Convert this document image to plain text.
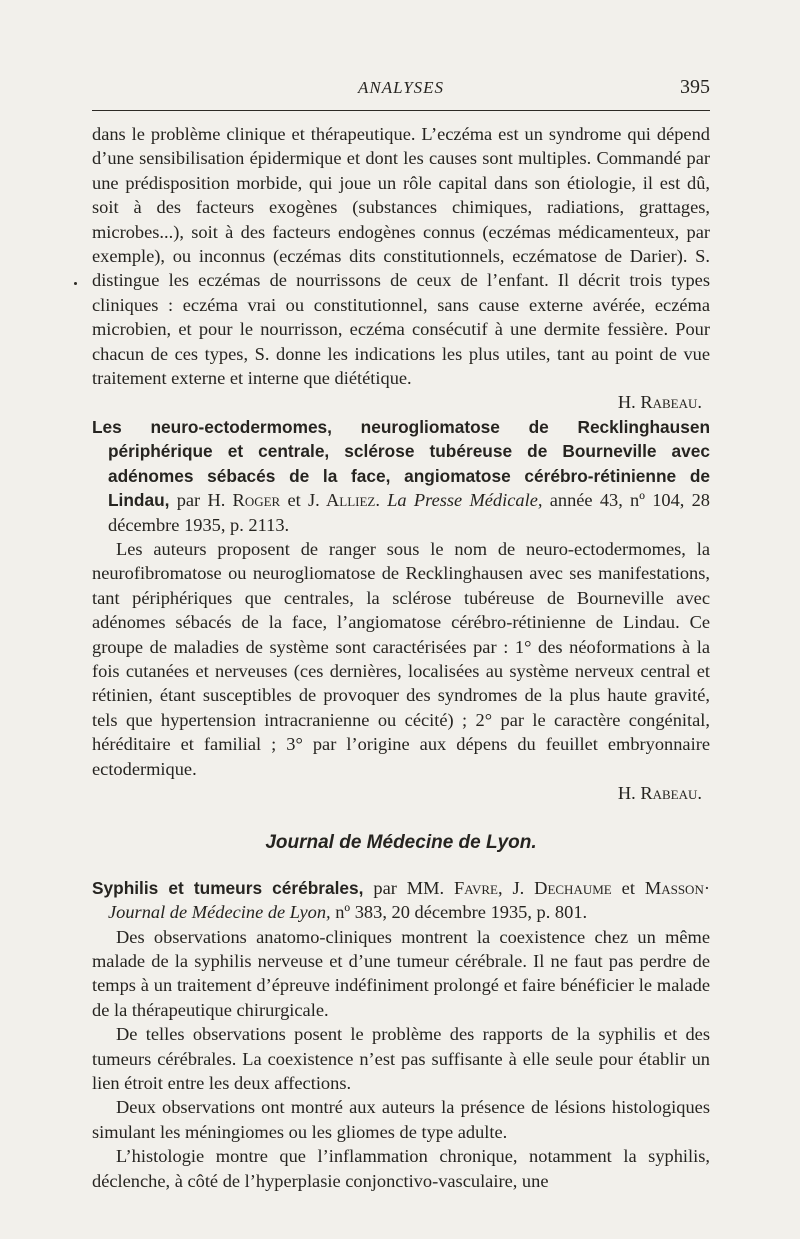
ANALYSES	395

dans le problème clinique et thérapeutique. L’eczéma est un syndrome qui dépend d’une sensibilisation épidermique et dont les causes sont multiples. Commandé par une prédisposition morbide, qui joue un rôle capital dans son étiologie, il est dû, soit à des facteurs exogènes (substances chimiques, radiations, grattages, microbes...), soit à des facteurs endogènes connus (eczémas médicamenteux, par exemple), ou inconnus (eczémas dits constitutionnels, eczématose de Darier). S. distingue les eczémas de nourrissons de ceux de l’enfant. Il décrit trois types cliniques : eczéma vrai ou constitutionnel, sans cause externe avérée, eczéma microbien, et pour le nourrisson, eczéma consécutif à une dermite fessière. Pour chacun de ces types, S. donne les indications les plus utiles, tant au point de vue traitement externe et interne que diététique.

H. Rabeau.

Les neuro-ectodermomes, neurogliomatose de Recklinghausen périphérique et centrale, sclérose tubéreuse de Bourneville avec adénomes sébacés de la face, angiomatose cérébro-rétinienne de Lindau, par H. Roger et J. Alliez. La Presse Médicale, année 43, nº 104, 28 décembre 1935, p. 2113.

Les auteurs proposent de ranger sous le nom de neuro-ectodermomes, la neurofibromatose ou neurogliomatose de Recklinghausen avec ses manifestations, tant périphériques que centrales, la sclérose tubéreuse de Bourneville avec adénomes sébacés de la face, l’angiomatose cérébro-rétinienne de Lindau. Ce groupe de maladies de système sont caractérisées par : 1° des néoformations à la fois cutanées et nerveuses (ces dernières, localisées au système nerveux central et rétinien, étant susceptibles de provoquer des syndromes de la plus haute gravité, tels que hypertension intracranienne ou cécité) ; 2° par le caractère congénital, héréditaire et familial ; 3° par l’origine aux dépens du feuillet embryonnaire ectodermique.

H. Rabeau.

Journal de Médecine de Lyon.

Syphilis et tumeurs cérébrales, par MM. Favre, J. Dechaume et Masson· Journal de Médecine de Lyon, nº 383, 20 décembre 1935, p. 801.

Des observations anatomo-cliniques montrent la coexistence chez un même malade de la syphilis nerveuse et d’une tumeur cérébrale. Il ne faut pas perdre de temps à un traitement d’épreuve indéfiniment prolongé et faire bénéficier le malade de la thérapeutique chirurgicale.

De telles observations posent le problème des rapports de la syphilis et des tumeurs cérébrales. La coexistence n’est pas suffisante à elle seule pour établir un lien étroit entre les deux affections.

Deux observations ont montré aux auteurs la présence de lésions histologiques simulant les méningiomes ou les gliomes de type adulte.

L’histologie montre que l’inflammation chronique, notamment la syphilis, déclenche, à côté de l’hyperplasie conjonctivo-vasculaire, une
